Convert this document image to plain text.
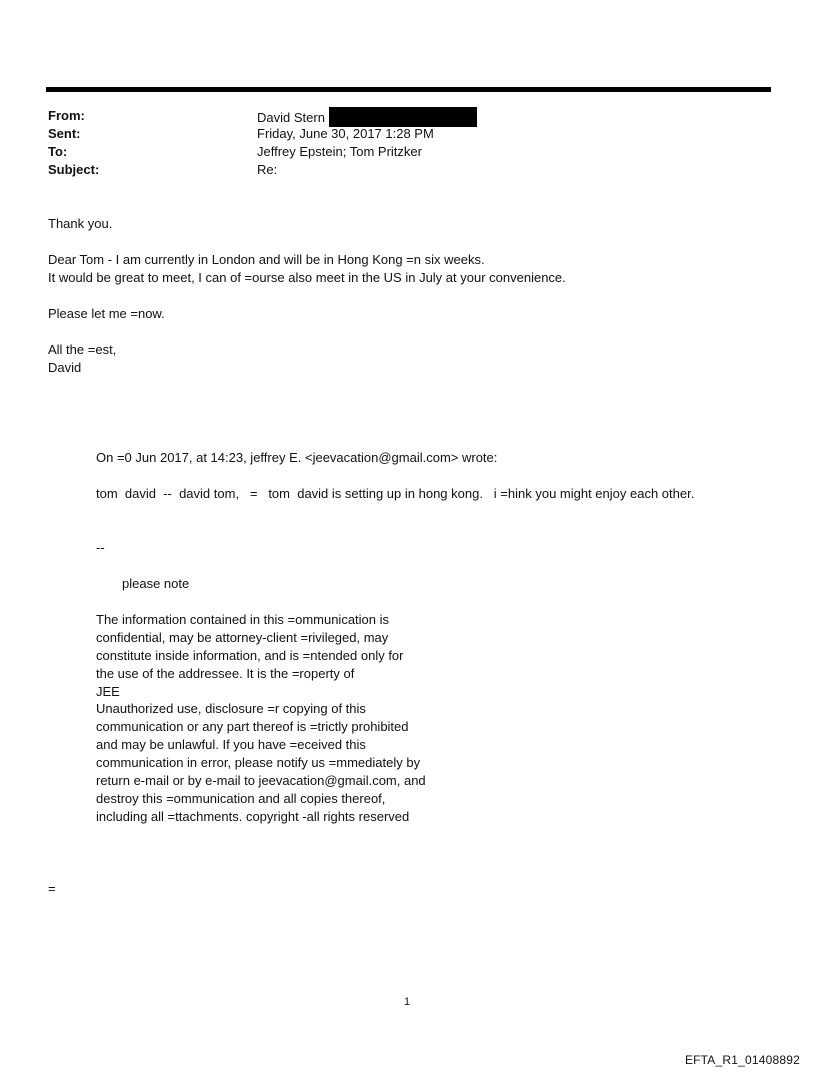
From:	David Stern
Sent:	Friday, June 30, 2017 1:28 PM
To:	Jeffrey Epstein; Tom Pritzker
Subject:	Re:
Thank you.
Dear Tom - I am currently in London and will be in Hong Kong =n six weeks.
It would be great to meet, I can of =ourse also meet in the US in July at your convenience.
Please let me =now.
All the =est,
David
On =0 Jun 2017, at 14:23, jeffrey E. <jeevacation@gmail.com> wrote:
tom  david  --  david tom,   =   tom  david is setting up in hong kong.   i =hink you might enjoy each other.
--
please note
The information contained in this =ommunication is
confidential, may be attorney-client =rivileged, may
constitute inside information, and is =ntended only for
the use of the addressee. It is the =roperty of
JEE
Unauthorized use, disclosure =r copying of this
communication or any part thereof is =trictly prohibited
and may be unlawful. If you have =eceived this
communication in error, please notify us =mmediately by
return e-mail or by e-mail to jeevacation@gmail.com, and
destroy this =ommunication and all copies thereof,
including all =ttachments. copyright -all rights reserved
=
1
EFTA_R1_01408892
